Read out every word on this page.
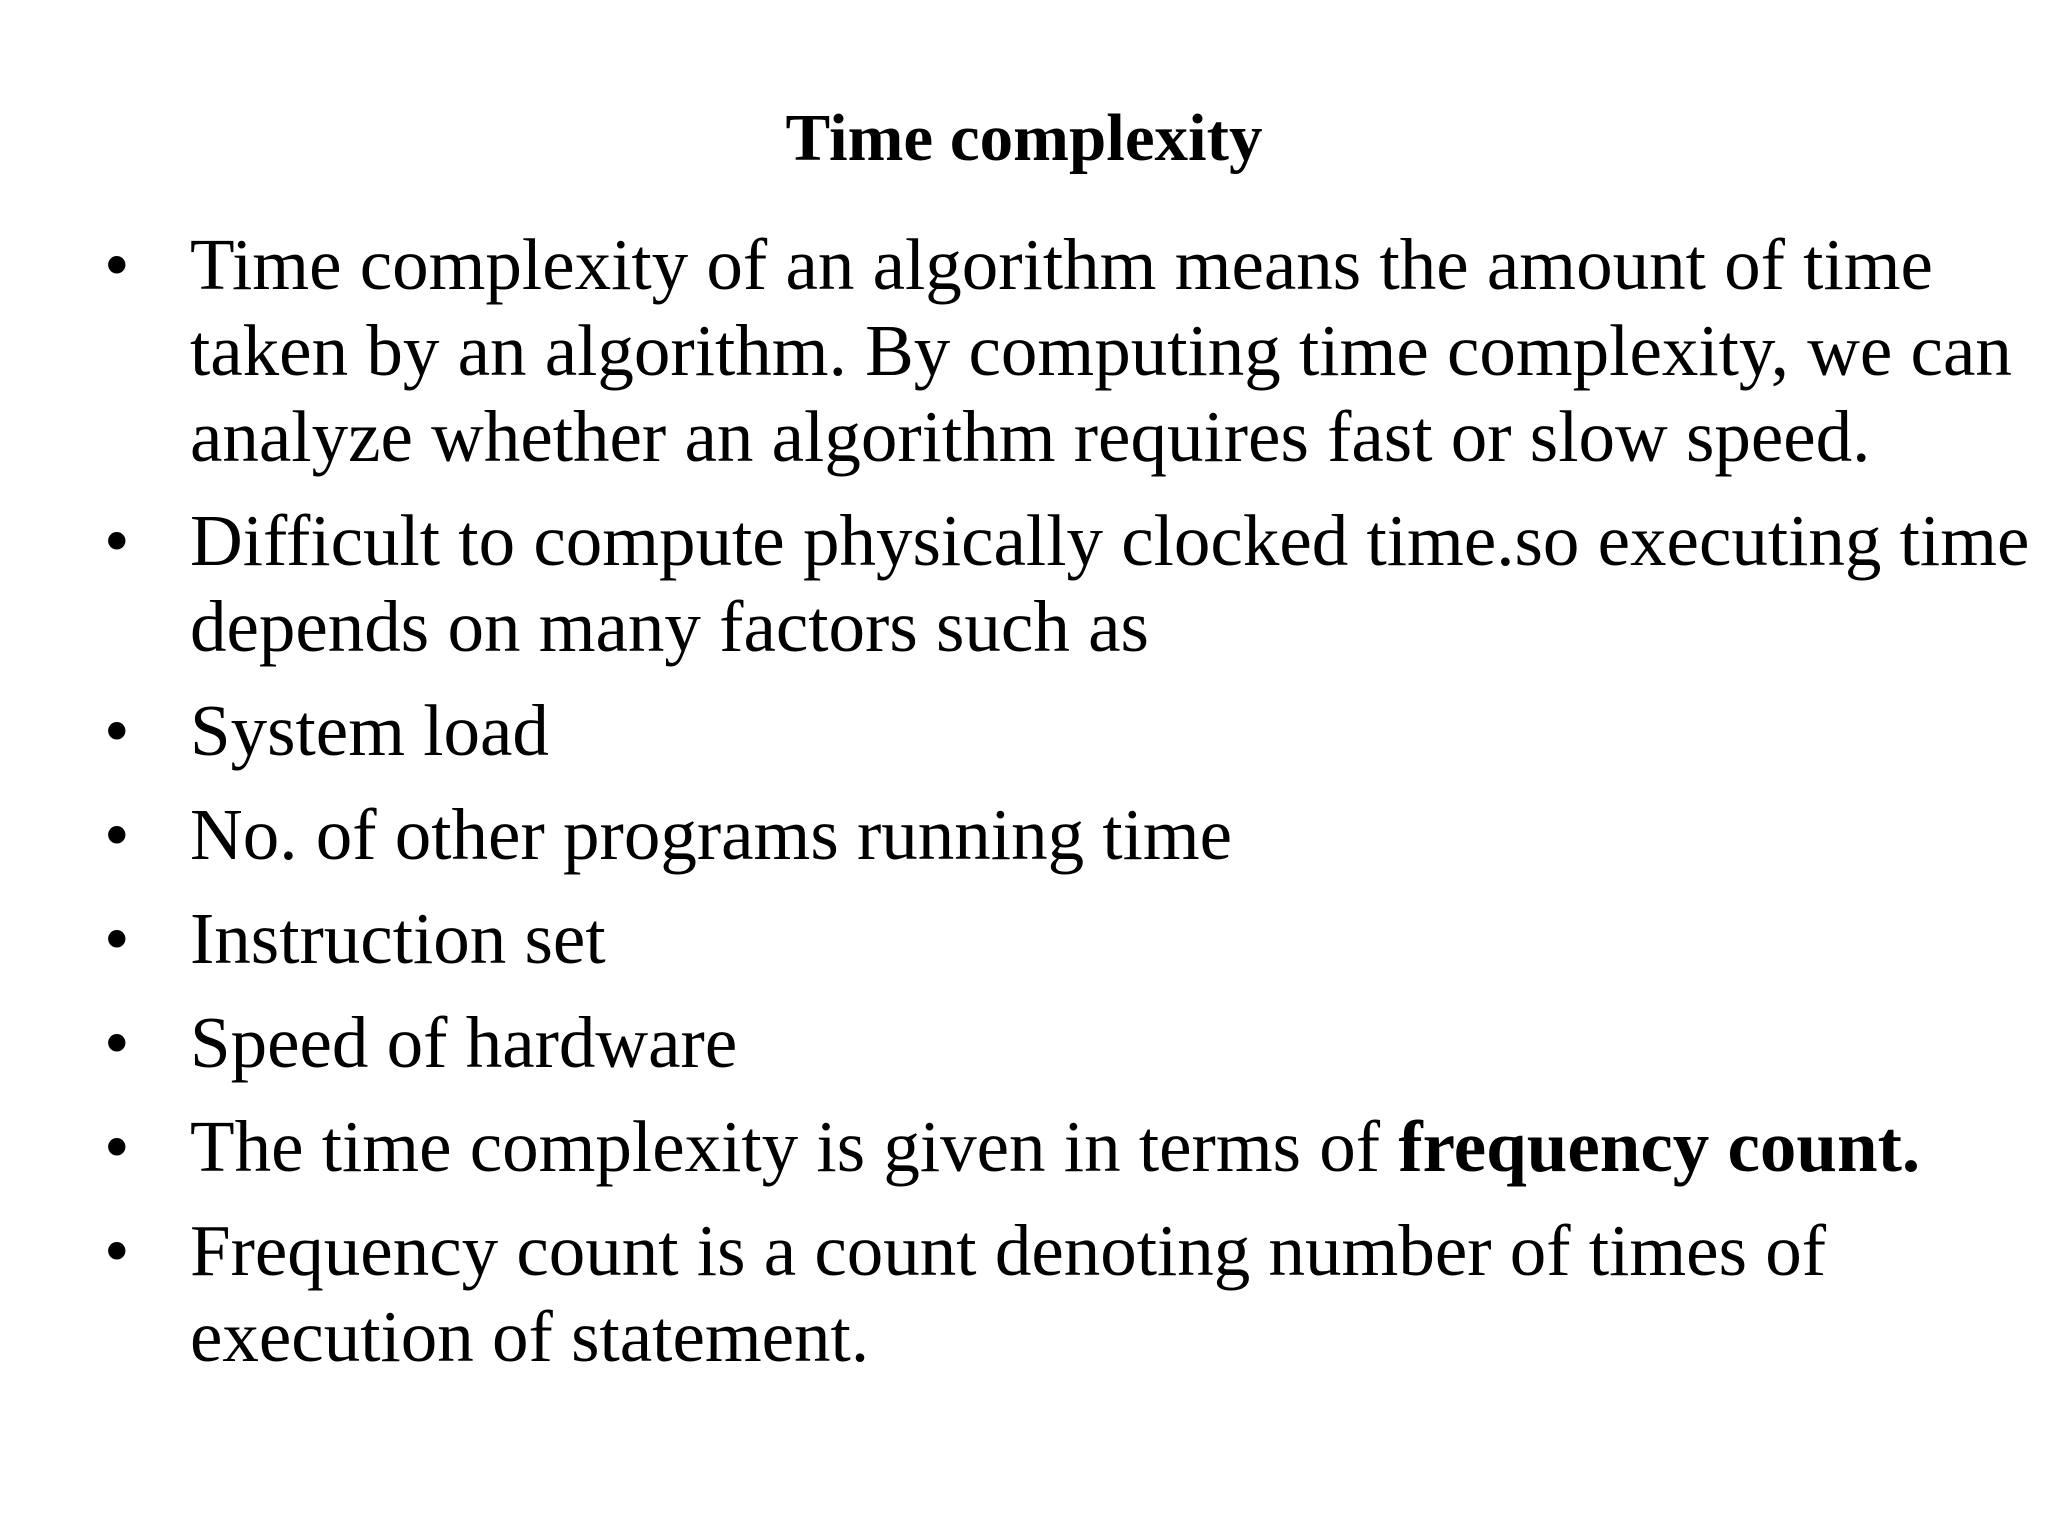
Time complexity
• Time complexity of an algorithm means the amount of time taken by an algorithm. By computing time complexity, we can analyze whether an algorithm requires fast or slow speed.
• Difficult to compute physically clocked time.so executing time depends on many factors such as
• System load
• No. of other programs running time
• Instruction set
• Speed of hardware
• The time complexity is given in terms of frequency count.
• Frequency count is a count denoting number of times of execution of statement.
